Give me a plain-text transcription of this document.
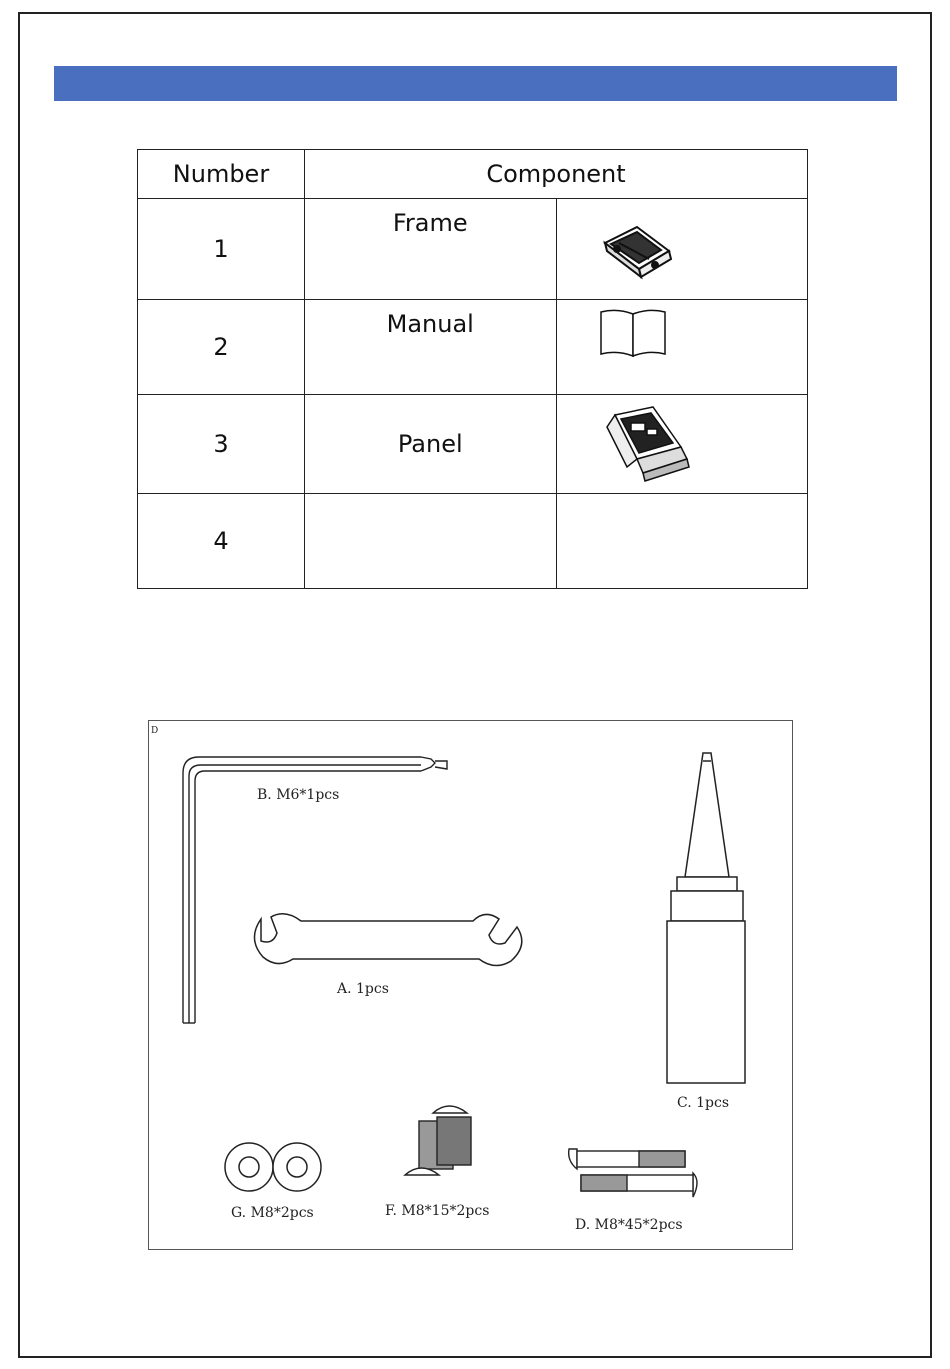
Number	Component	
1	Frame	
2	Manual	
3	Panel	
4		
D
B. M6*1pcs
A. 1pcs
C. 1pcs
G. M8*2pcs	F. M8*15*2pcs
D. M8*45*2pcs
